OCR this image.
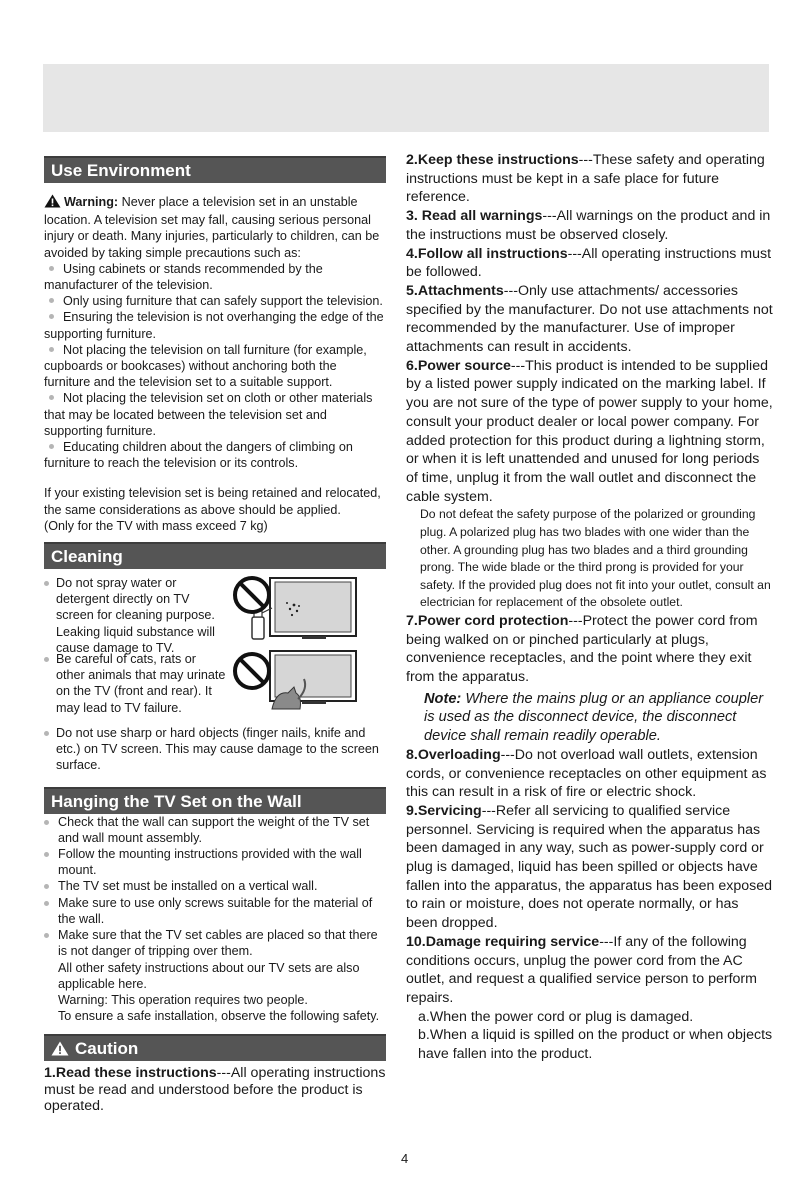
Use Environment
Warning: Never place a television set in an unstable location. A television set may fall, causing serious personal injury or death. Many injuries, particularly to children, can be avoided by taking simple precautions such as:
Using cabinets or stands recommended by the manufacturer of the television.
Only using furniture that can safely support the television.
Ensuring the television is not overhanging the edge of the supporting furniture.
Not placing the television on tall furniture (for example, cupboards or bookcases) without anchoring both the furniture and the television set to a suitable support.
Not placing the television set on cloth or other materials that may be located between the television set and supporting furniture.
Educating children about the dangers of climbing on furniture to reach the television or its controls.
If your existing television set is being retained and relocated, the same considerations as above should be applied.
(Only for the TV with mass exceed 7 kg)
Cleaning
Do not spray water or detergent directly on TV screen for cleaning purpose. Leaking liquid substance will cause damage to TV.
Be careful of cats, rats or other animals that may urinate on the TV (front and rear). It may lead to TV failure.
Do not use sharp or hard objects (finger nails, knife and etc.) on TV screen. This may cause damage to the screen surface.
Hanging the TV Set on the Wall
Check that the wall can support the weight of the TV set and wall mount assembly.
Follow the mounting instructions provided with the wall mount.
The TV set must be installed on a vertical wall.
Make sure to use only screws suitable for the material of the wall.
Make sure that the TV set cables are placed so that there is not danger of tripping over them.
All other safety instructions about our TV sets are also applicable here.
Warning: This operation requires two people.
To ensure a safe installation, observe the following safety.
Caution
1.Read these instructions---All operating instructions must be read and understood before the product is operated.
2.Keep these instructions---These safety and operating instructions must be kept in a safe place for future reference.
3. Read all warnings---All warnings on the product and in the instructions must be observed closely.
4.Follow all instructions---All operating instructions must be followed.
5.Attachments---Only use attachments/ accessories specified by the manufacturer. Do not use attachments not recommended by the manufacturer. Use of improper attachments can result in accidents.
6.Power source---This product is intended to be supplied by a listed power supply indicated on the marking label. If you are not sure of the type of power supply to your home, consult your product dealer or local power company. For added protection for this product during a lightning storm, or when it is left unattended and unused for long periods of time, unplug it from the wall outlet and disconnect the cable system.
Do not defeat the safety purpose of the polarized or grounding plug. A polarized plug has two blades with one wider than the other. A grounding plug has two blades and a third grounding prong. The wide blade or the third prong is provided for your safety. If the provided plug does not fit into your outlet, consult an electrician for replacement of the obsolete outlet.
7.Power cord protection---Protect the power cord from being walked on or pinched particularly at plugs, convenience receptacles, and the point where they exit from the apparatus.
Note: Where the mains plug or an appliance coupler is used as the disconnect device, the disconnect device shall remain readily operable.
8.Overloading---Do not overload wall outlets, extension cords, or convenience receptacles on other equipment as this can result in a risk of fire or electric shock.
9.Servicing---Refer all servicing to qualified service personnel. Servicing is required when the apparatus has been damaged in any way, such as power-supply cord or plug is damaged, liquid has been spilled or objects have fallen into the apparatus, the apparatus has been exposed to rain or moisture, does not operate normally, or has been dropped.
10.Damage requiring service---If any of the following conditions occurs, unplug the power cord from the AC outlet, and request a qualified service person to perform repairs.
a.When the power cord or plug is damaged.
b.When a liquid is spilled on the product or when objects have fallen into the product.
4
